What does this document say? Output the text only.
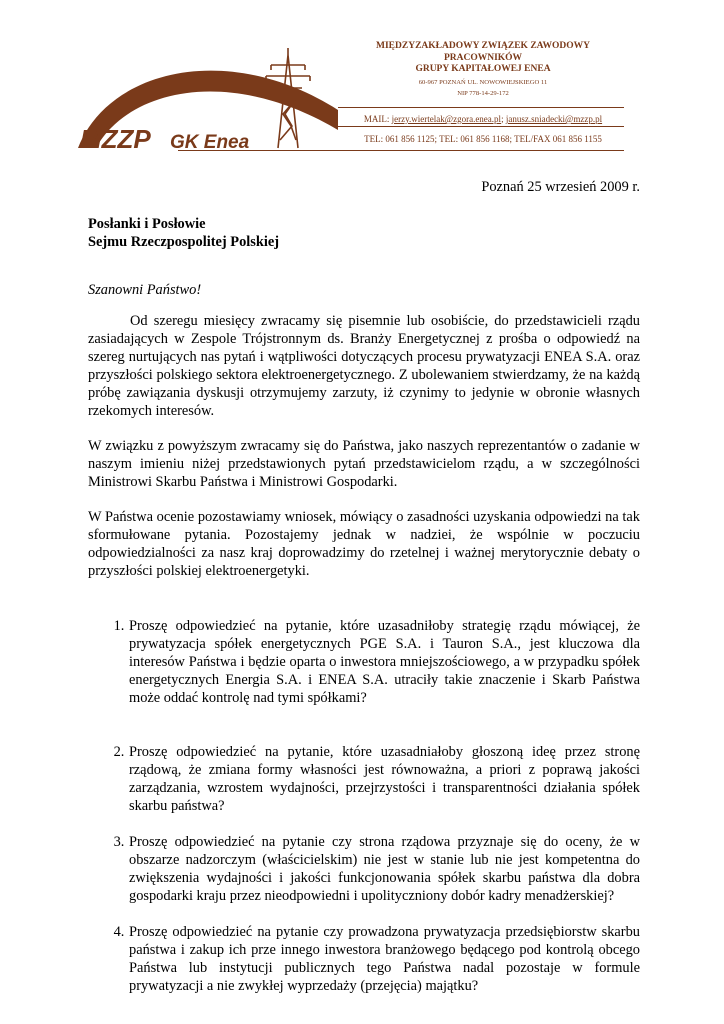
MZZP GK Enea
MIĘDZYZAKŁADOWY ZWIĄZEK ZAWODOWY
PRACOWNIKÓW
GRUPY KAPITAŁOWEJ ENEA
60-967 POZNAŃ UL. NOWOWIEJSKIEGO 11
NIP 778-14-29-172
MAIL: jerzy.wiertelak@zgora.enea.pl; janusz.sniadecki@mzzp.pl
TEL: 061 856 1125; TEL: 061 856 1168; TEL/FAX 061 856 1155
Poznań 25 wrzesień 2009 r.
Posłanki i Posłowie
Sejmu Rzeczpospolitej Polskiej
Szanowni Państwo!

Od szeregu miesięcy zwracamy się pisemnie lub osobiście, do przedstawicieli rządu zasiadających w Zespole Trójstronnym ds. Branży Energetycznej z prośba o odpowiedź na szereg nurtujących nas pytań i wątpliwości dotyczących procesu prywatyzacji ENEA S.A. oraz przyszłości polskiego sektora elektroenergetycznego. Z ubolewaniem stwierdzamy, że na każdą próbę zawiązania dyskusji otrzymujemy zarzuty, iż czynimy to jedynie w obronie własnych rzekomych interesów.

W związku z powyższym zwracamy się do Państwa, jako naszych reprezentantów o zadanie w naszym imieniu niżej przedstawionych pytań przedstawicielom rządu, a w szczególności Ministrowi Skarbu Państwa i Ministrowi Gospodarki.

W Państwa ocenie pozostawiamy wniosek, mówiący o zasadności uzyskania odpowiedzi na tak sformułowane pytania. Pozostajemy jednak w nadziei, że wspólnie w poczuciu odpowiedzialności za nasz kraj doprowadzimy do rzetelnej i ważnej merytorycznie debaty o przyszłości polskiej elektroenergetyki.

1. Proszę odpowiedzieć na pytanie, które uzasadniłoby strategię rządu mówiącej, że prywatyzacja spółek energetycznych PGE S.A. i Tauron S.A., jest kluczowa dla interesów Państwa i będzie oparta o inwestora mniejszościowego, a w przypadku spółek energetycznych Energia S.A. i ENEA S.A. utraciły takie znaczenie i Skarb Państwa może oddać kontrolę nad tymi spółkami?
2. Proszę odpowiedzieć na pytanie, które uzasadniałoby głoszoną ideę przez stronę rządową, że zmiana formy własności jest równoważna, a priori z poprawą jakości zarządzania, wzrostem wydajności, przejrzystości i transparentności działania spółek skarbu państwa?
3. Proszę odpowiedzieć na pytanie czy strona rządowa przyznaje się do oceny, że w obszarze nadzorczym (właścicielskim) nie jest w stanie lub nie jest kompetentna do zwiększenia wydajności i jakości funkcjonowania spółek skarbu państwa dla dobra gospodarki kraju przez nieodpowiedni i upolityczniony dobór kadry menadżerskiej?
4. Proszę odpowiedzieć na pytanie czy prowadzona prywatyzacja przedsiębiorstw skarbu państwa i zakup ich prze innego inwestora branżowego będącego pod kontrolą obcego Państwa lub instytucji publicznych tego Państwa nadal pozostaje w formule prywatyzacji a nie zwykłej wyprzedaży (przejęcia) majątku?
